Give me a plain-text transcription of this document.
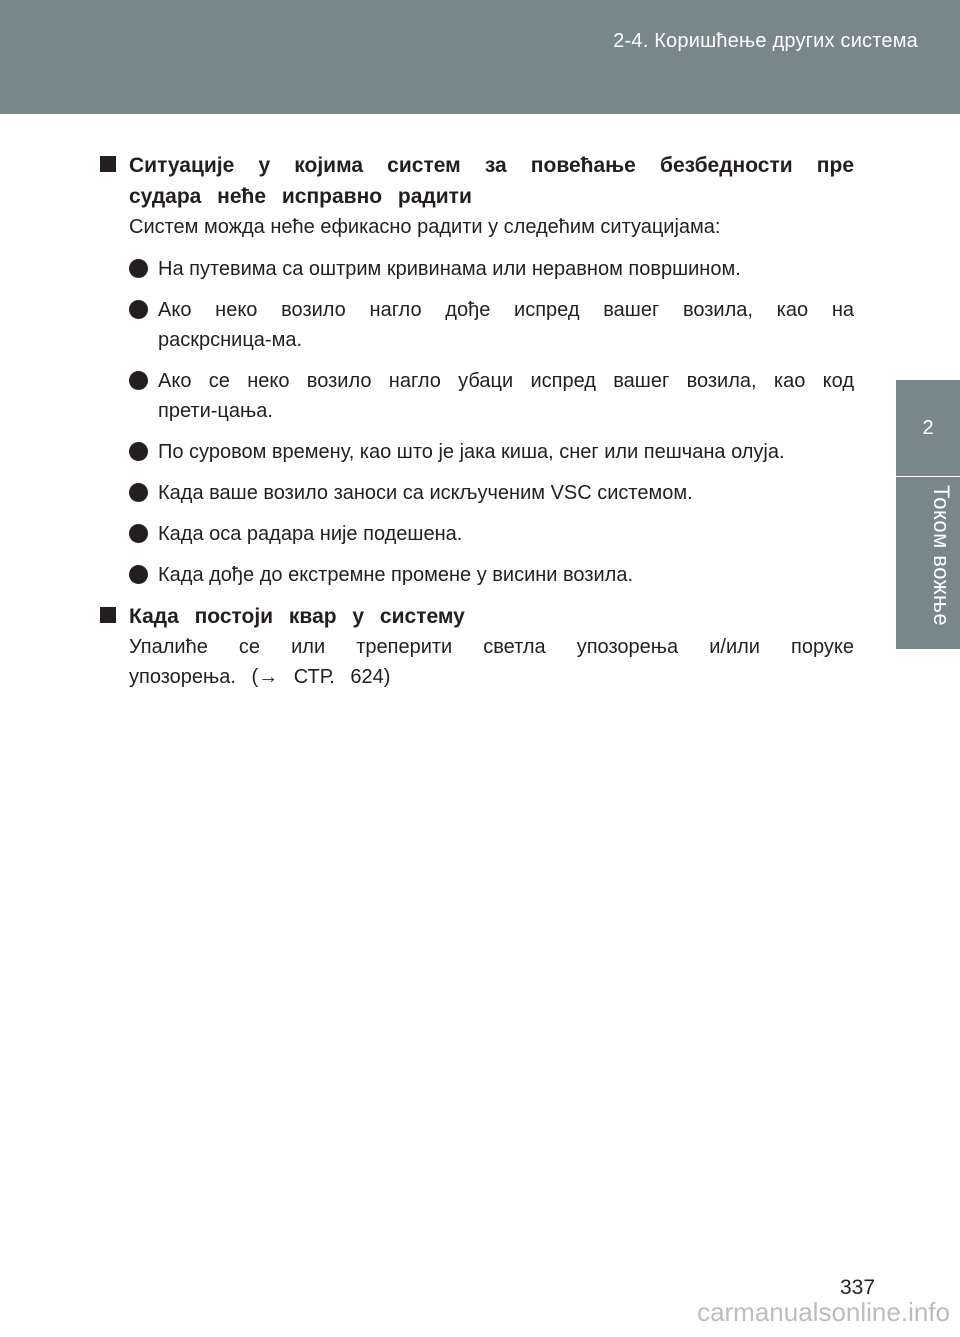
2-4. Коришћење других система
2
Током вожње
Ситуације у којима систем за повећање безбедности пре судара неће исправно радити
Систем можда неће ефикасно радити у следећим ситуацијама:
На путевима са оштрим кривинама или неравном површином.
Ако неко возило нагло дође испред вашег возила, као на раскрсница-ма.
Ако се неко возило нагло убаци испред вашег возила, као код прети-цања.
По суровом времену, као што је јака киша, снег или пешчана олуја.
Када ваше возило заноси са искљученим VSC системом.
Када оса радара није подешена.
Када дође до екстремне промене у висини возила.
Када постоји квар у систему
Упалиће се или треперити светла упозорења и/или поруке упозорења. (→ СТР. 624)
337
carmanualsonline.info
